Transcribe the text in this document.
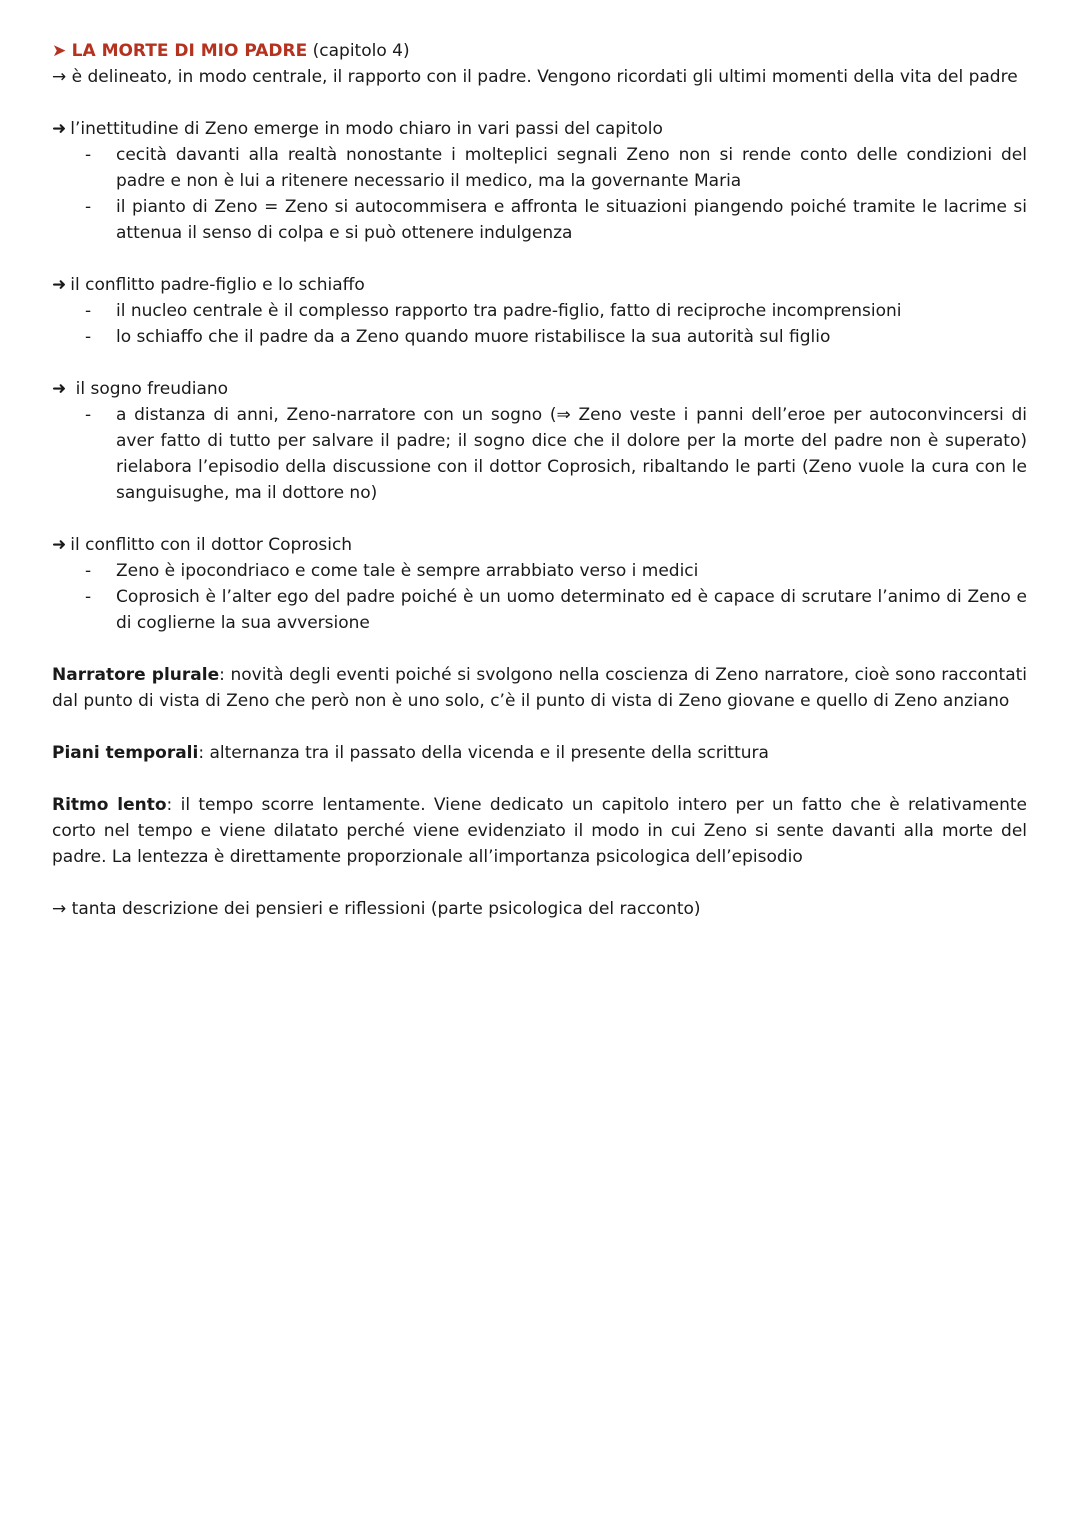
➤ LA MORTE DI MIO PADRE (capitolo 4)

→ è delineato, in modo centrale, il rapporto con il padre. Vengono ricordati gli ultimi momenti della vita del padre

➜ l’inettitudine di Zeno emerge in modo chiaro in vari passi del capitolo

- cecità davanti alla realtà nonostante i molteplici segnali Zeno non si rende conto delle condizioni del padre e non è lui a ritenere necessario il medico, ma la governante Maria
- il pianto di Zeno = Zeno si autocommisera e affronta le situazioni piangendo poiché tramite le lacrime si attenua il senso di colpa e si può ottenere indulgenza

➜ il conflitto padre-figlio e lo schiaffo

- il nucleo centrale è il complesso rapporto tra padre-figlio, fatto di reciproche incomprensioni
- lo schiaffo che il padre da a Zeno quando muore ristabilisce la sua autorità sul figlio

➜ il sogno freudiano

- a distanza di anni, Zeno-narratore con un sogno (⇒ Zeno veste i panni dell’eroe per autoconvincersi di aver fatto di tutto per salvare il padre; il sogno dice che il dolore per la morte del padre non è superato) rielabora l’episodio della discussione con il dottor Coprosich, ribaltando le parti (Zeno vuole la cura con le sanguisughe, ma il dottore no)

➜ il conflitto con il dottor Coprosich

- Zeno è ipocondriaco e come tale è sempre arrabbiato verso i medici
- Coprosich è l’alter ego del padre poiché è un uomo determinato ed è capace di scrutare l’animo di Zeno e di coglierne la sua avversione

Narratore plurale: novità degli eventi poiché si svolgono nella coscienza di Zeno narratore, cioè sono raccontati dal punto di vista di Zeno che però non è uno solo, c’è il punto di vista di Zeno giovane e quello di Zeno anziano

Piani temporali: alternanza tra il passato della vicenda e il presente della scrittura

Ritmo lento: il tempo scorre lentamente. Viene dedicato un capitolo intero per un fatto che è relativamente corto nel tempo e viene dilatato perché viene evidenziato il modo in cui Zeno si sente davanti alla morte del padre. La lentezza è direttamente proporzionale all’importanza psicologica dell’episodio

→ tanta descrizione dei pensieri e riflessioni (parte psicologica del racconto)
